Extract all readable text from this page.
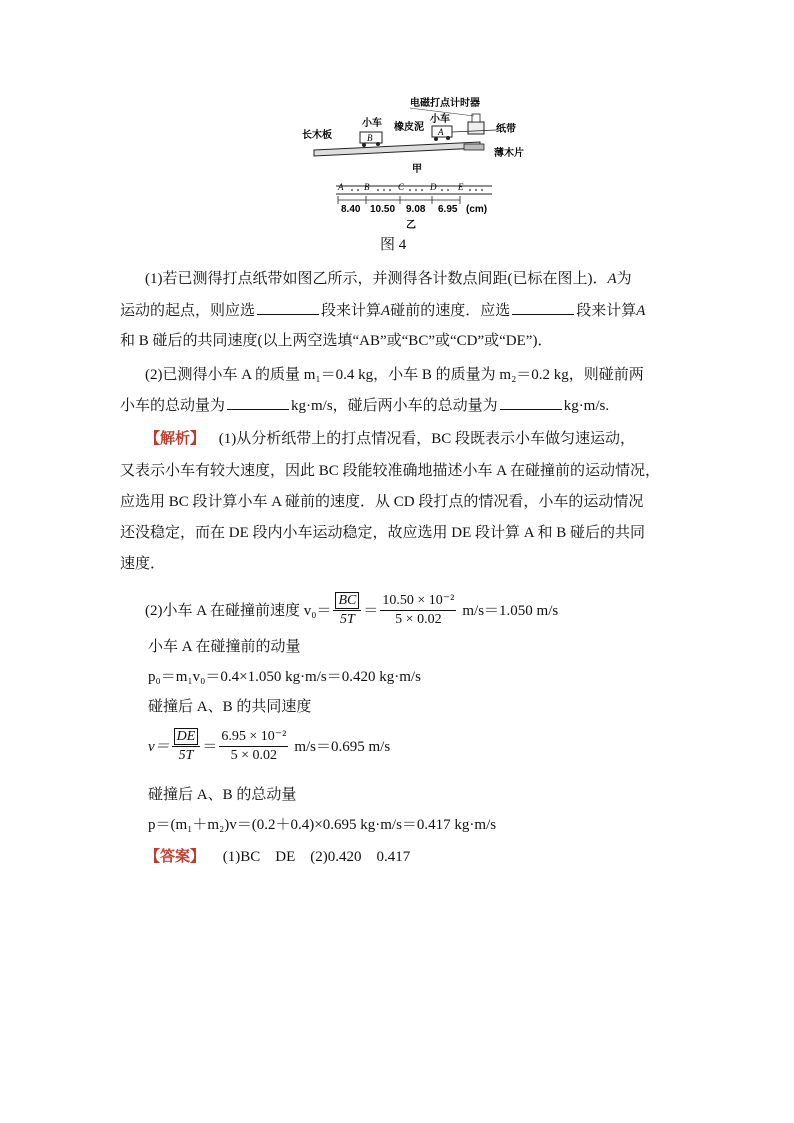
电磁打点计时器
小车	小车
橡皮泥	纸带
长木板
薄木片
B
A
甲
A B	C	D E
8.40 10.50 9.08 6.95 (cm)
乙
图 4
(1)若已测得打点纸带如图乙所示，并测得各计数点间距(已标在图上)．A为
运动的起点，则应选	段来计算A碰前的速度．应选	段来计算A
和 B 碰后的共同速度(以上两空选填“AB”或“BC”或“CD”或“DE”)．
(2)已测得小车 A 的质量 m₁＝0.4 kg，小车 B 的质量为 m₂＝0.2 kg，则碰前两
小车的总动量为	kg·m/s，碰后两小车的总动量为	kg·m/s.
【解析】 (1)从分析纸带上的打点情况看，BC 段既表示小车做匀速运动，
又表示小车有较大速度，因此 BC 段能较准确地描述小车 A 在碰撞前的运动情况，
应选用 BC 段计算小车 A 碰前的速度．从 CD 段打点的情况看，小车的运动情况
还没稳定，而在 DE 段内小车运动稳定，故应选用 DE 段计算 A 和 B 碰后的共同
速度．
(2)小车 A 在碰撞前速度 $v_0= \frac{BC}{5T} = \frac{\text{10.50 × 10⁻²}}{5 \times 0.02} m/s=1.050$ m/s
小车 A 在碰撞前的动量
p₀＝m₁v₀＝0.4×1.050 kg·m/s＝0.420 kg·m/s
碰撞后 A、B 的共同速度
$v= \frac{DE}{5T} = \frac{\text{6.95 × 10⁻²}}{5 \times 0.02} m/s=0.695$ m/s
碰撞后 A、B 的总动量
p＝(m₁＋m₂)v＝(0.2＋0.4)×0.695 kg·m/s＝0.417 kg·m/s
【答案】 (1)BC　DE　(2)0.420　0.417
